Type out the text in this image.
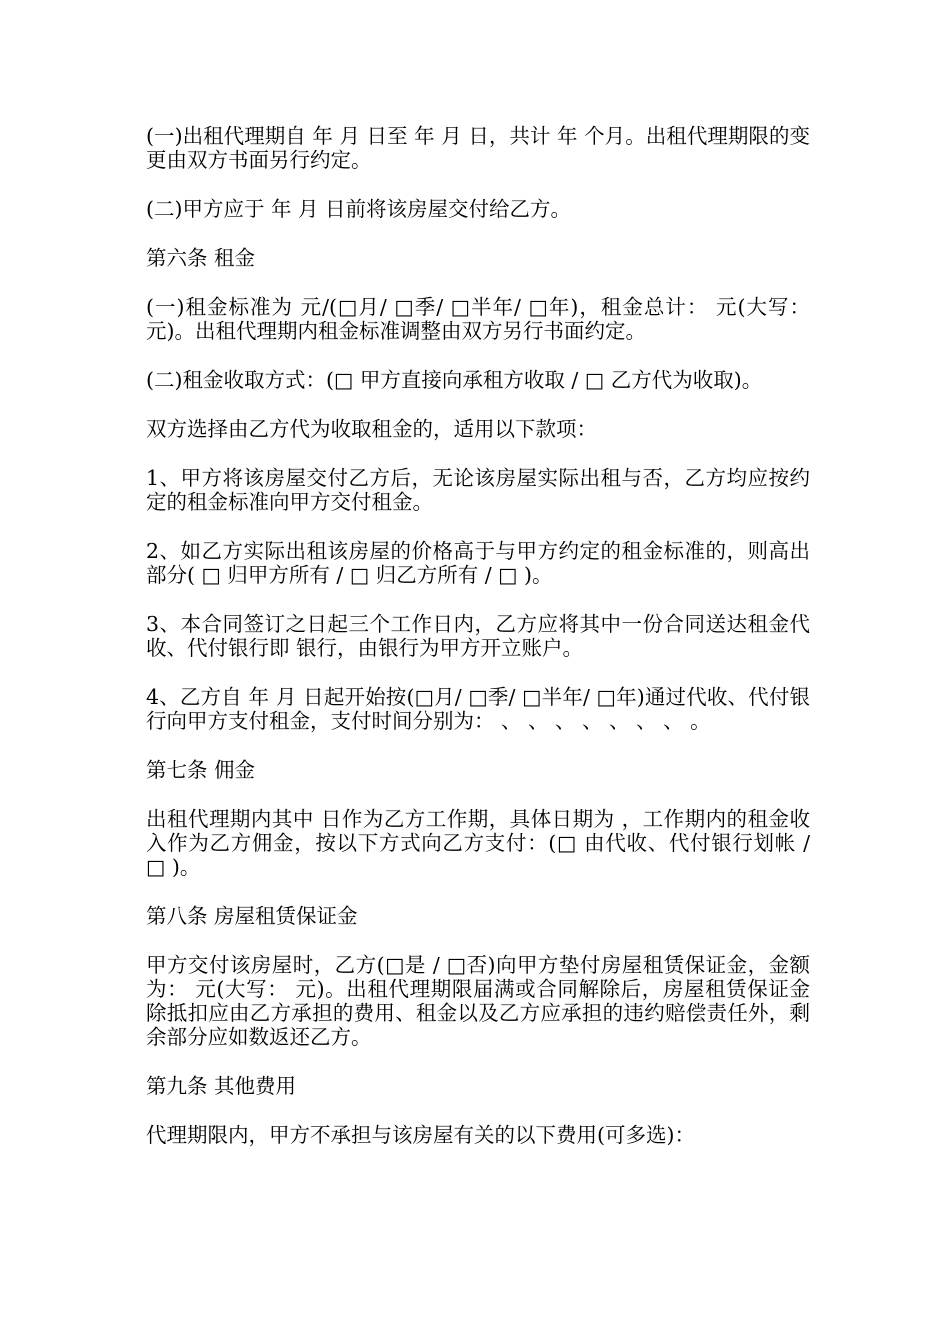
(一)出租代理期自 年 月 日至 年 月 日，共计 年 个月。出租代理期限的变更由双方书面另行约定。

(二)甲方应于 年 月 日前将该房屋交付给乙方。

第六条 租金

(一)租金标准为 元/(□月/ □季/ □半年/ □年)，租金总计： 元(大写： 元)。出租代理期内租金标准调整由双方另行书面约定。

(二)租金收取方式：(□ 甲方直接向承租方收取 / □ 乙方代为收取)。

双方选择由乙方代为收取租金的，适用以下款项：

1、甲方将该房屋交付乙方后，无论该房屋实际出租与否，乙方均应按约定的租金标准向甲方交付租金。

2、如乙方实际出租该房屋的价格高于与甲方约定的租金标准的，则高出部分( □ 归甲方所有 / □ 归乙方所有 / □ )。

3、本合同签订之日起三个工作日内，乙方应将其中一份合同送达租金代收、代付银行即 银行，由银行为甲方开立账户。

4、乙方自 年 月 日起开始按(□月/ □季/ □半年/ □年)通过代收、代付银行向甲方支付租金，支付时间分别为： 、 、 、 、 、 、 、 。

第七条 佣金

出租代理期内其中 日作为乙方工作期，具体日期为 ，工作期内的租金收入作为乙方佣金，按以下方式向乙方支付：(□ 由代收、代付银行划帐 / □ )。

第八条 房屋租赁保证金

甲方交付该房屋时，乙方(□是 / □否)向甲方垫付房屋租赁保证金，金额为： 元(大写： 元)。出租代理期限届满或合同解除后，房屋租赁保证金除抵扣应由乙方承担的费用、租金以及乙方应承担的违约赔偿责任外，剩余部分应如数返还乙方。

第九条 其他费用

代理期限内，甲方不承担与该房屋有关的以下费用(可多选)：
